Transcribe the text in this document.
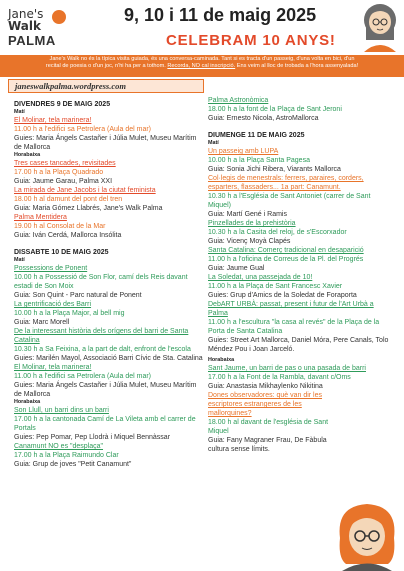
Jane's
Walk
PALMA
9, 10 i 11 de maig 2025
CELEBRAM 10 ANYS!
Jane's Walk no és la típica visita guiada, és una conversa-caminada. Tant si es tracta d'un passeig, d'una volta en bici, d'un
recital de poesia o d'un joc, n'hi ha per a tothom. Recorda, NO cal inscripció. Ens veim al lloc de trobada a l'hora assenyalada!
janeswalkpalma.wordpress.com
DIVENDRES 9 DE MAIG 2025
Matí
El Molinar, tela marinera!
11.00 h a l'edifici sa Petrolera (Aula del mar)
Guies: Maria Ángels Castañer i Júlia Mulet, Museu Marítim de Mallorca
Horabaixa
Tres cases tancades, revisitades
17.00 h a la Plaça Quadrado
Guia: Jaume Garau, Palma XXI
La mirada de Jane Jacobs i la ciutat feminista
18.00 h al damunt del pont del tren
Guia: Maria Gómez Llabrés, Jane's Walk Palma
Palma Mentidera
19.00 h al Consolat de la Mar
Guia: Iván Cerdá, Mallorca Insólita
DISSABTE 10 DE MAIG 2025
Matí
Possessions de Ponent
10.00 h a Possessió de Son Flor, camí dels Reis davant estadi de Son Moix
Guia: Son Quint - Parc natural de Ponent
La gentrificació des Barri
10.00 h a la Plaça Major, al bell mig
Guia: Marc Morell
De la interessant història dels orígens del barri de Santa Catalina
10.30 h a Sa Feixina, a la part de dalt, enfront de l'escola
Guies: Marilén Mayol, Associació Barri Cívic de Sta. Catalina
El Molinar, tela marinera!
11.00 h a l'edifici sa Petrolera (Aula del mar)
Guies: Maria Ángels Castañer i Júlia Mulet, Museu Marítim de Mallorca
Horabaixa
Son Llull, un barri dins un barri
17.00 h a la cantonada Camí de La Vileta amb el carrer de Portals
Guies: Pep Pomar, Pep Llodrà i Miquel Bennàssar
Canamunt NO es "desplaça"
17.00 h a la Plaça Raimundo Clar
Guia: Grup de joves "Petit Canamunt"
Palma Astronòmica
18.00 h a la font de la Plaça de Sant Jeroni
Guia: Ernesto Nicola, AstroMallorca
DIUMENGE 11 DE MAIG 2025
Matí
Un passeig amb LUPA
10.00 h a la Plaça Santa Pagesa
Guia: Sonia Jichi Ribera, Viarants Mallorca
Col·legis de menestrals: ferrers, paraires, corders, esparters, flassaders... 1a part: Canamunt.
10.30 h a l'Església de Sant Antoniet (carrer de Sant Miquel)
Guia: Martí Gené i Ramis
Pinzellades de la prehistòria
10.30 h a la Casita del reloj, de s'Escorxador
Guia: Vicenç Moyà Clapés
Santa Catalina: Comerç tradicional en desaparició
11.00 h a l'oficina de Correus de la Pl. del Progrés
Guia: Jaume Gual
La Soledat, una passejada de 10!
11.00 h a la Plaça de Sant Francesc Xavier
Guies: Grup d'Amics de la Soledat de Foraporta
DebART URBÀ: passat, present i futur de l'Art Urbà a Palma
11.00 h a l'escultura "la casa al revés" de la Plaça de la Porta de Santa Catalina
Guies: Street Art Mallorca, Daniel Móra, Pere Canals, Tolo Méndez Pou i Joan Jarceló.
Horabaixa
Sant Jaume, un barri de pas o una pasada de barri
17.00 h a la Font de la Rambla, davant c/Oms
Guia: Anastasia Mikhaylenko Nikitina
Dones observadores: què van dir les escriptores estrangeres de les mallorquines?
18.00 h al davant de l'església de Sant Miquel
Guia: Fany Magraner Frau, De Fàbula cultura sense límits.
